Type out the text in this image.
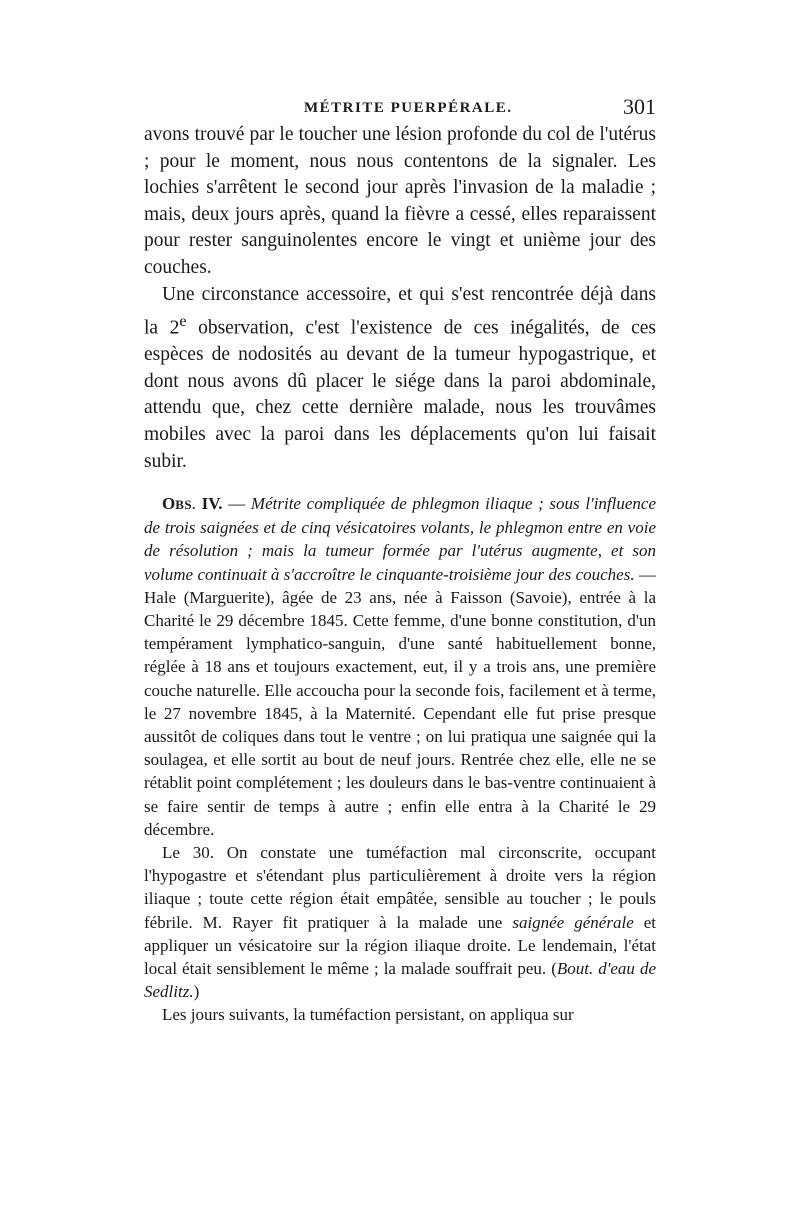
MÉTRITE PUERPÉRALE.	301

avons trouvé par le toucher une lésion profonde du col de l'utérus ; pour le moment, nous nous contentons de la signaler. Les lochies s'arrêtent le second jour après l'invasion de la maladie ; mais, deux jours après, quand la fièvre a cessé, elles reparaissent pour rester sanguinolentes encore le vingt et unième jour des couches.

Une circonstance accessoire, et qui s'est rencontrée déjà dans la 2e observation, c'est l'existence de ces inégalités, de ces espèces de nodosités au devant de la tumeur hypogastrique, et dont nous avons dû placer le siége dans la paroi abdominale, attendu que, chez cette dernière malade, nous les trouvâmes mobiles avec la paroi dans les déplacements qu'on lui faisait subir.

OBS. IV. — Métrite compliquée de phlegmon iliaque ; sous l'influence de trois saignées et de cinq vésicatoires volants, le phlegmon entre en voie de résolution ; mais la tumeur formée par l'utérus augmente, et son volume continuait à s'accroître le cinquante-troisième jour des couches. — Hale (Marguerite), âgée de 23 ans, née à Faisson (Savoie), entrée à la Charité le 29 décembre 1845. Cette femme, d'une bonne constitution, d'un tempérament lymphatico-sanguin, d'une santé habituellement bonne, réglée à 18 ans et toujours exactement, eut, il y a trois ans, une première couche naturelle. Elle accoucha pour la seconde fois, facilement et à terme, le 27 novembre 1845, à la Maternité. Cependant elle fut prise presque aussitôt de coliques dans tout le ventre ; on lui pratiqua une saignée qui la soulagea, et elle sortit au bout de neuf jours. Rentrée chez elle, elle ne se rétablit point complétement ; les douleurs dans le bas-ventre continuaient à se faire sentir de temps à autre ; enfin elle entra à la Charité le 29 décembre.

Le 30. On constate une tuméfaction mal circonscrite, occupant l'hypogastre et s'étendant plus particulièrement à droite vers la région iliaque ; toute cette région était empâtée, sensible au toucher ; le pouls fébrile. M. Rayer fit pratiquer à la malade une saignée générale et appliquer un vésicatoire sur la région iliaque droite. Le lendemain, l'état local était sensiblement le même ; la malade souffrait peu. (Bout. d'eau de Sedlitz.)

Les jours suivants, la tuméfaction persistant, on appliqua sur
